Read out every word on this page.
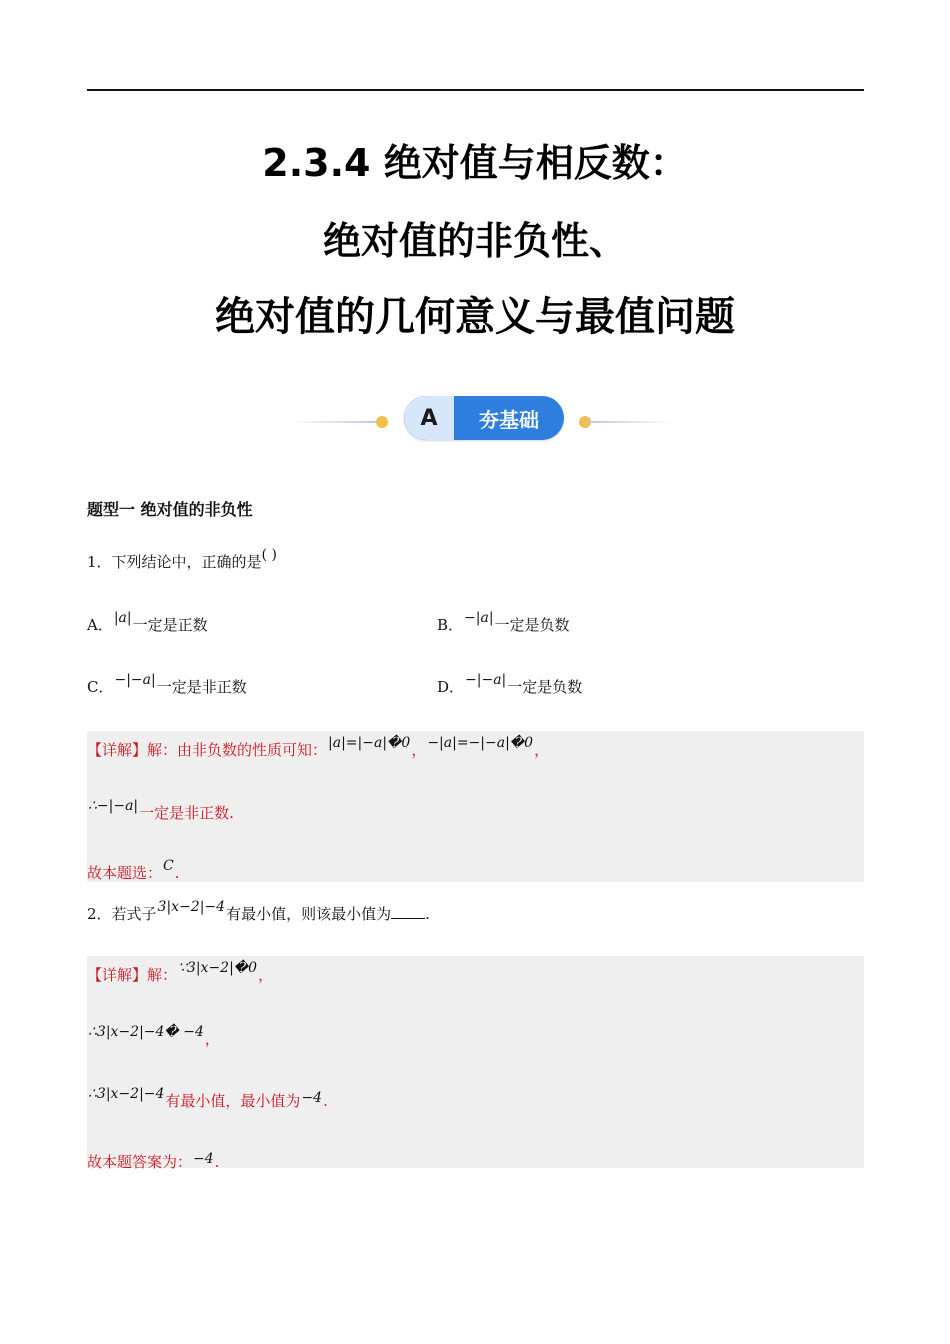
2.3.4 绝对值与相反数：
绝对值的非负性、
绝对值的几何意义与最值问题
A	夯基础
题型一 绝对值的非负性
1．下列结论中，正确的是( )
A．|a|一定是正数	B．−|a|一定是负数
C．−|−a|一定是非正数	D．−|−a|一定是负数
【详解】解：由非负数的性质可知：|a|=|−a|�0，−|a|=−|−a|�0，
∴−|−a|一定是非正数.
故本题选：C.
2．若式子3|x−2|−4有最小值，则该最小值为 .
【详解】解：∵3|x−2|�0，
∴3|x−2|−4� −4，
∴3|x−2|−4有最小值，最小值为−4.
故本题答案为：−4.
